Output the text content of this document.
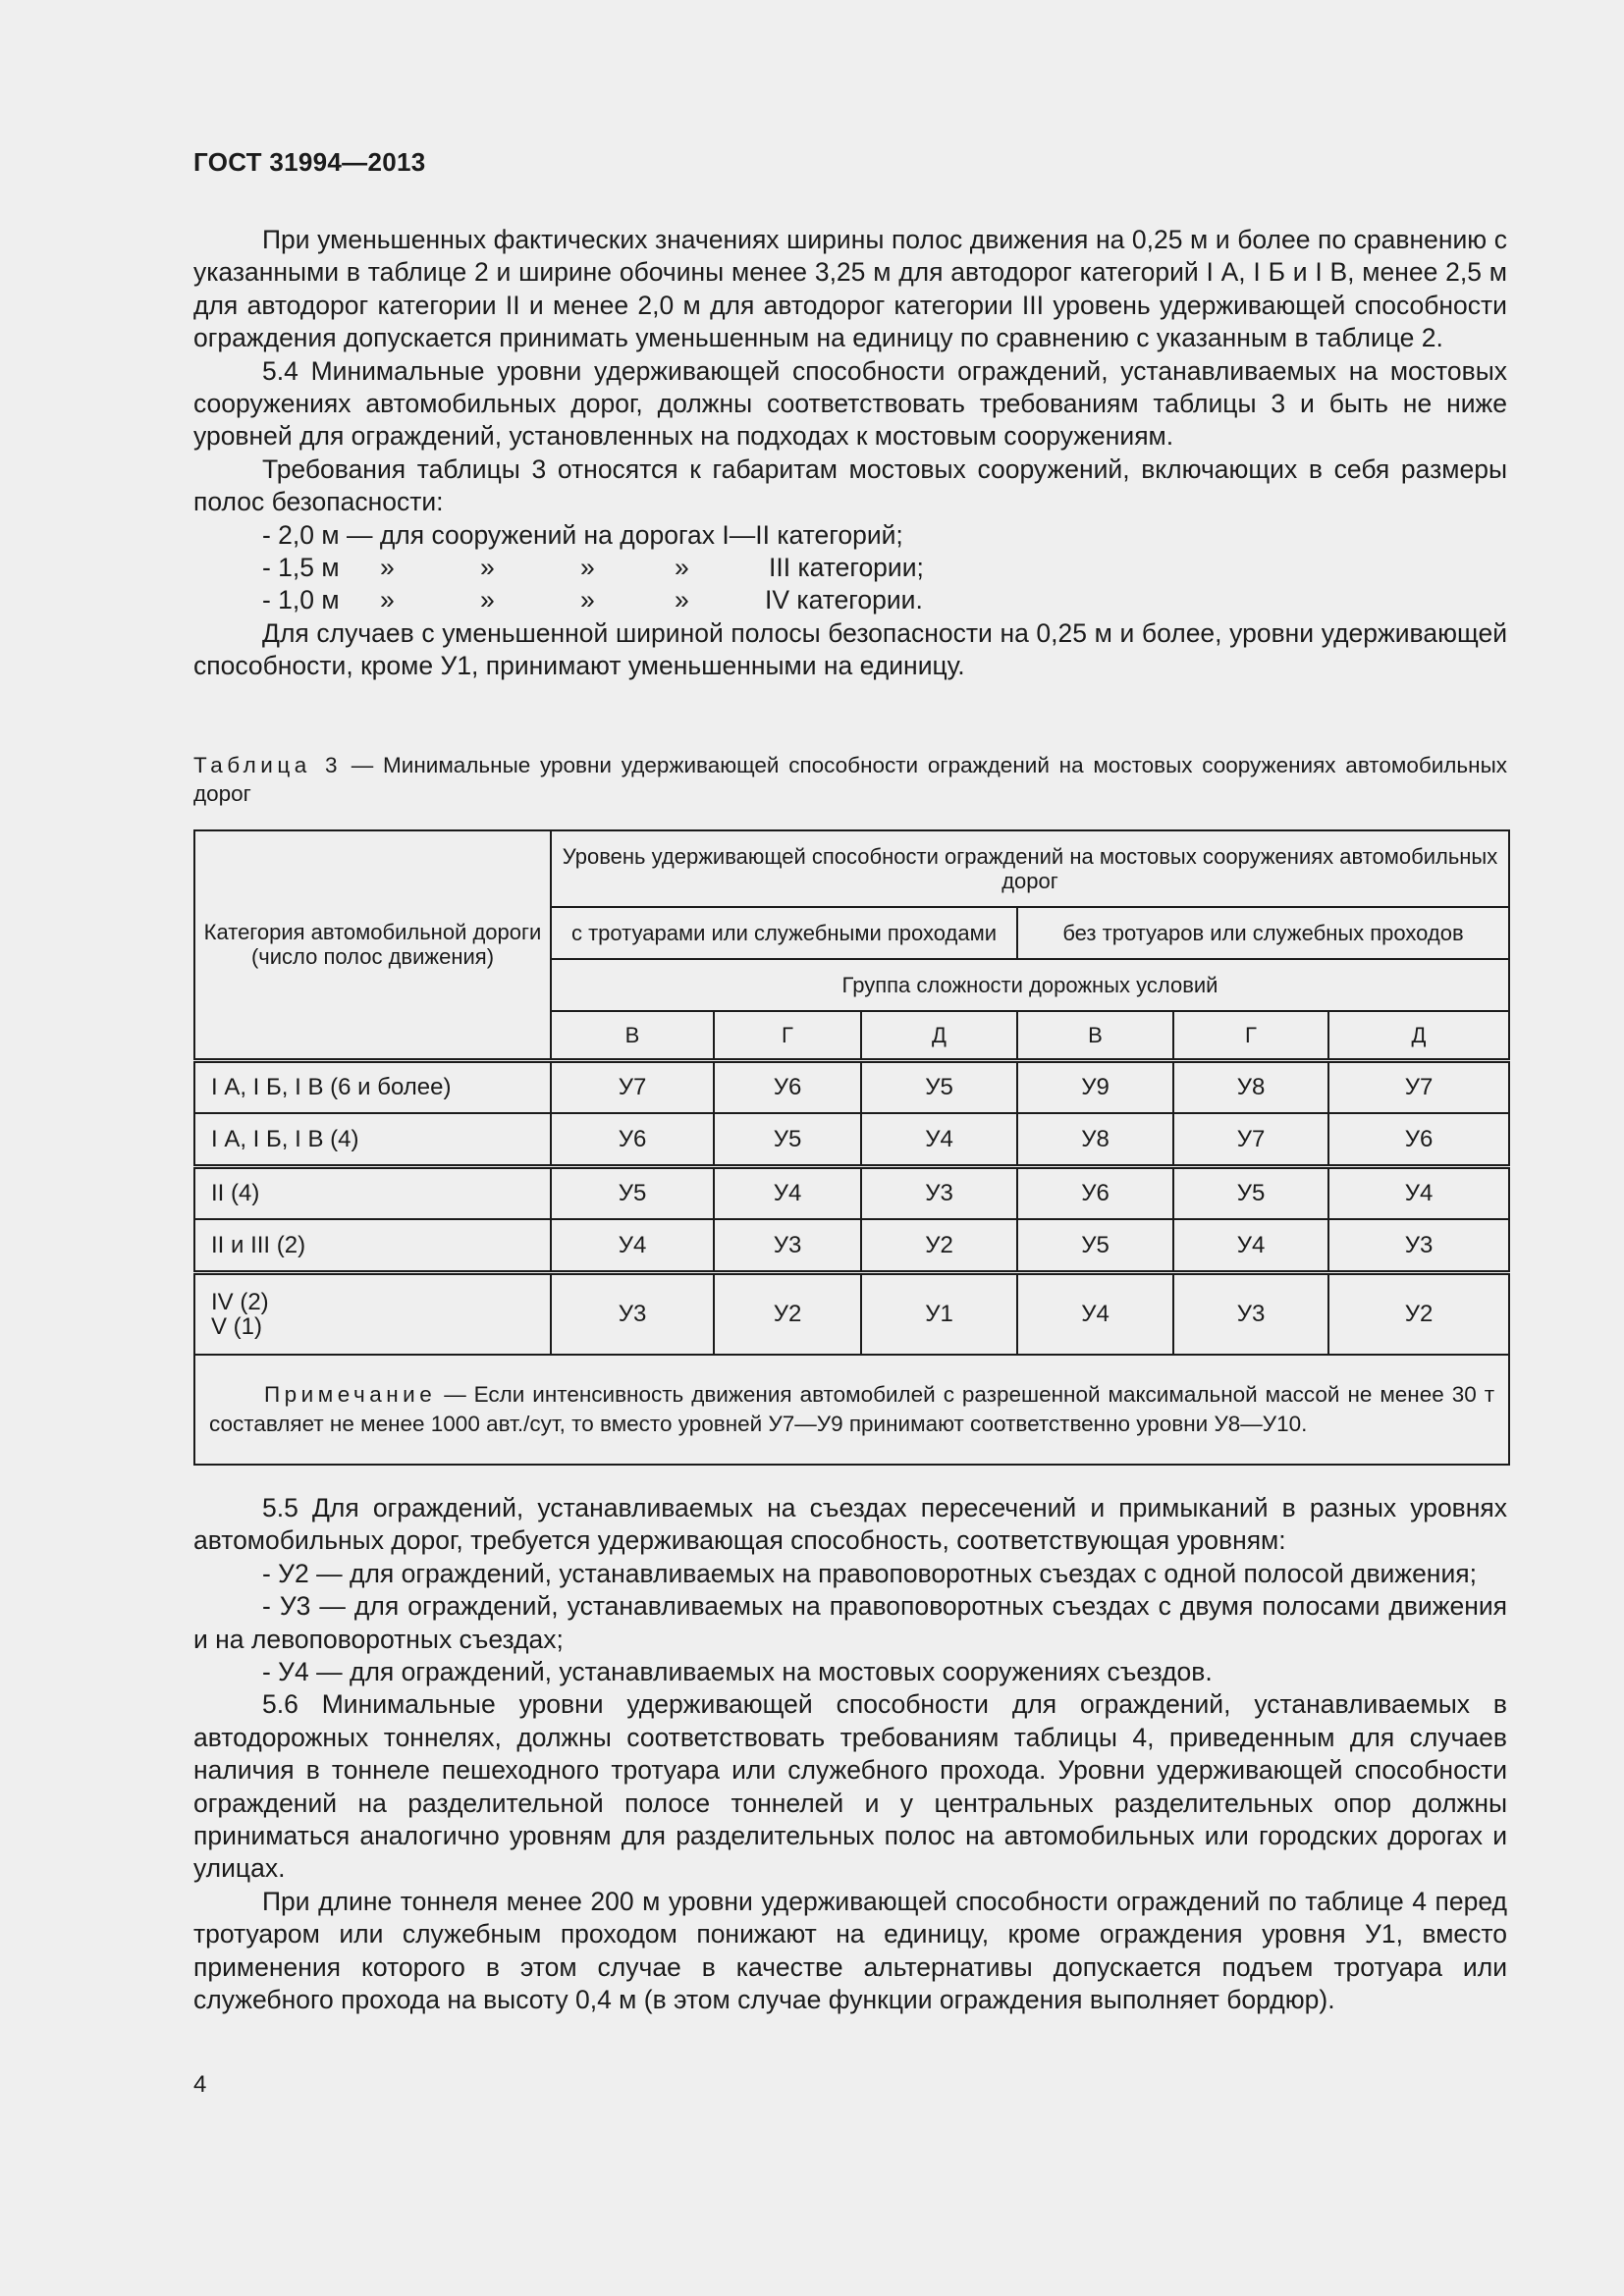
ГОСТ 31994—2013

При уменьшенных фактических значениях ширины полос движения на 0,25 м и более по сравнению с указанными в таблице 2 и ширине обочины менее 3,25 м для автодорог категорий I А, I Б и I В, менее 2,5 м для автодорог категории II и менее 2,0 м для автодорог категории III уровень удерживающей способности ограждения допускается принимать уменьшенным на единицу по сравнению с указанным в таблице 2.

5.4 Минимальные уровни удерживающей способности ограждений, устанавливаемых на мостовых сооружениях автомобильных дорог, должны соответствовать требованиям таблицы 3 и быть не ниже уровней для ограждений, установленных на подходах к мостовым сооружениям.

Требования таблицы 3 относятся к габаритам мостовых сооружений, включающих в себя размеры полос безопасности:

- 2,0 м — для сооружений на дорогах I—II категорий;

- 1,5 м »	»	»	»	III категории;

- 1,0 м »	»	»	»	IV категории.

Для случаев с уменьшенной шириной полосы безопасности на 0,25 м и более, уровни удерживающей способности, кроме У1, принимают уменьшенными на единицу.

Таблица 3 — Минимальные уровни удерживающей способности ограждений на мостовых сооружениях автомобильных дорог
Категория автомобильной дороги (число полос движения)	Уровень удерживающей способности ограждений на мостовых сооружениях автомобильных дорог					
	с тротуарами или служебными проходами			без тротуаров или служебных проходов		
	Группа сложности дорожных условий					
	В	Г	Д	В	Г	Д
I А, I Б, I В (6 и более)	У7	У6	У5	У9	У8	У7
I А, I Б, I В (4)	У6	У5	У4	У8	У7	У6
II (4)	У5	У4	У3	У6	У5	У4
II и III (2)	У4	У3	У2	У5	У4	У3

IV (2)
V (1)	У3	У2	У1	У4	У3	У2
Примечание — Если интенсивность движения автомобилей с разрешенной максимальной массой не менее 30 т составляет не менее 1000 авт./сут, то вместо уровней У7—У9 принимают соответственно уровни У8—У10.						

5.5 Для ограждений, устанавливаемых на съездах пересечений и примыканий в разных уровнях автомобильных дорог, требуется удерживающая способность, соответствующая уровням:

- У2 — для ограждений, устанавливаемых на правоповоротных съездах с одной полосой движения;

- У3 — для ограждений, устанавливаемых на правоповоротных съездах с двумя полосами движения и на левоповоротных съездах;

- У4 — для ограждений, устанавливаемых на мостовых сооружениях съездов.

5.6 Минимальные уровни удерживающей способности для ограждений, устанавливаемых в автодорожных тоннелях, должны соответствовать требованиям таблицы 4, приведенным для случаев наличия в тоннеле пешеходного тротуара или служебного прохода. Уровни удерживающей способности ограждений на разделительной полосе тоннелей и у центральных разделительных опор должны приниматься аналогично уровням для разделительных полос на автомобильных или городских дорогах и улицах.

При длине тоннеля менее 200 м уровни удерживающей способности ограждений по таблице 4 перед тротуаром или служебным проходом понижают на единицу, кроме ограждения уровня У1, вместо применения которого в этом случае в качестве альтернативы допускается подъем тротуара или служебного прохода на высоту 0,4 м (в этом случае функции ограждения выполняет бордюр).

4
